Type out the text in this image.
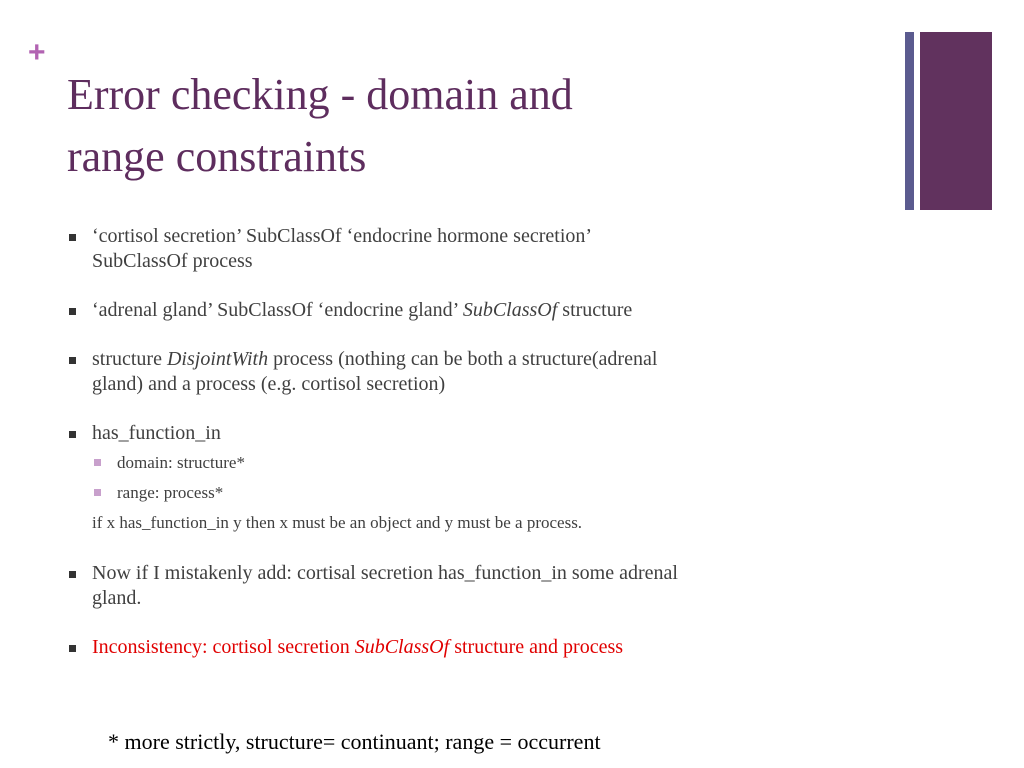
+
Error checking - domain and
range constraints
‘cortisol secretion’ SubClassOf ‘endocrine hormone secretion’
SubClassOf process
‘adrenal gland’ SubClassOf ‘endocrine gland’ SubClassOf structure
structure DisjointWith process (nothing can be both a structure(adrenal
gland) and a process (e.g. cortisol secretion)
has_function_in
domain: structure*
range: process*
if x has_function_in y then x must be an object and y must be a process.
Now if I mistakenly add: cortisal secretion has_function_in some adrenal
gland.
Inconsistency: cortisol secretion SubClassOf structure and process
* more strictly, structure= continuant; range = occurrent
